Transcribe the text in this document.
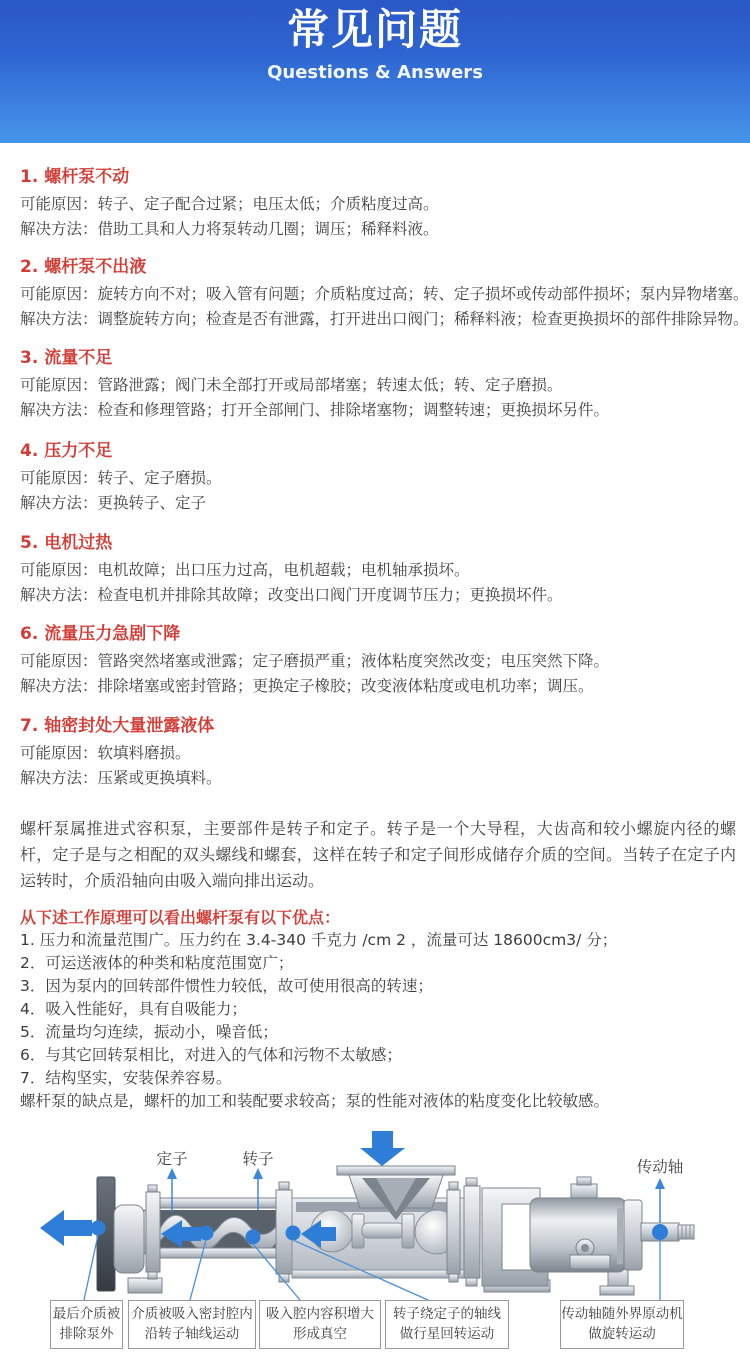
常见问题
Questions & Answers
1. 螺杆泵不动

可能原因：转子、定子配合过紧；电压太低；介质粘度过高。

解决方法：借助工具和人力将泵转动几圈；调压；稀释料液。

2. 螺杆泵不出液

可能原因：旋转方向不对；吸入管有问题；介质粘度过高；转、定子损坏或传动部件损坏；泵内异物堵塞。

解决方法：调整旋转方向；检查是否有泄露，打开进出口阀门；稀释料液；检查更换损坏的部件排除异物。

3. 流量不足

可能原因：管路泄露；阀门未全部打开或局部堵塞；转速太低；转、定子磨损。

解决方法：检查和修理管路；打开全部闸门、排除堵塞物；调整转速；更换损坏另件。

4. 压力不足

可能原因：转子、定子磨损。

解决方法：更换转子、定子

5. 电机过热

可能原因：电机故障；出口压力过高，电机超载；电机轴承损坏。

解决方法：检查电机并排除其故障；改变出口阀门开度调节压力；更换损坏件。

6. 流量压力急剧下降

可能原因：管路突然堵塞或泄露；定子磨损严重；液体粘度突然改变；电压突然下降。

解决方法：排除堵塞或密封管路；更换定子橡胶；改变液体粘度或电机功率；调压。

7. 轴密封处大量泄露液体

可能原因：软填料磨损。

解决方法：压紧或更换填料。

螺杆泵属推进式容积泵，主要部件是转子和定子。转子是一个大导程，大齿高和较小螺旋内径的螺杆，定子是与之相配的双头螺线和螺套，这样在转子和定子间形成储存介质的空间。当转子在定子内运转时，介质沿轴向由吸入端向排出运动。

从下述工作原理可以看出螺杆泵有以下优点：

1. 压力和流量范围广。压力约在 3.4-340 千克力 /cm 2 ，流量可达 18600cm3/ 分；

2．可运送液体的种类和粘度范围宽广；

3．因为泵内的回转部件惯性力较低，故可使用很高的转速；

4．吸入性能好，具有自吸能力；

5．流量均匀连续，振动小，噪音低；

6．与其它回转泵相比，对进入的气体和污物不太敏感；

7．结构坚实，安装保养容易。

螺杆泵的缺点是，螺杆的加工和装配要求较高；泵的性能对液体的粘度变化比较敏感。

定子	转子	传动轴
最后介质被
排除泵外
介质被吸入密封腔内
沿转子轴线运动
吸入腔内容积增大
形成真空
转子绕定子的轴线
做行星回转运动
传动轴随外界原动机
做旋转运动
